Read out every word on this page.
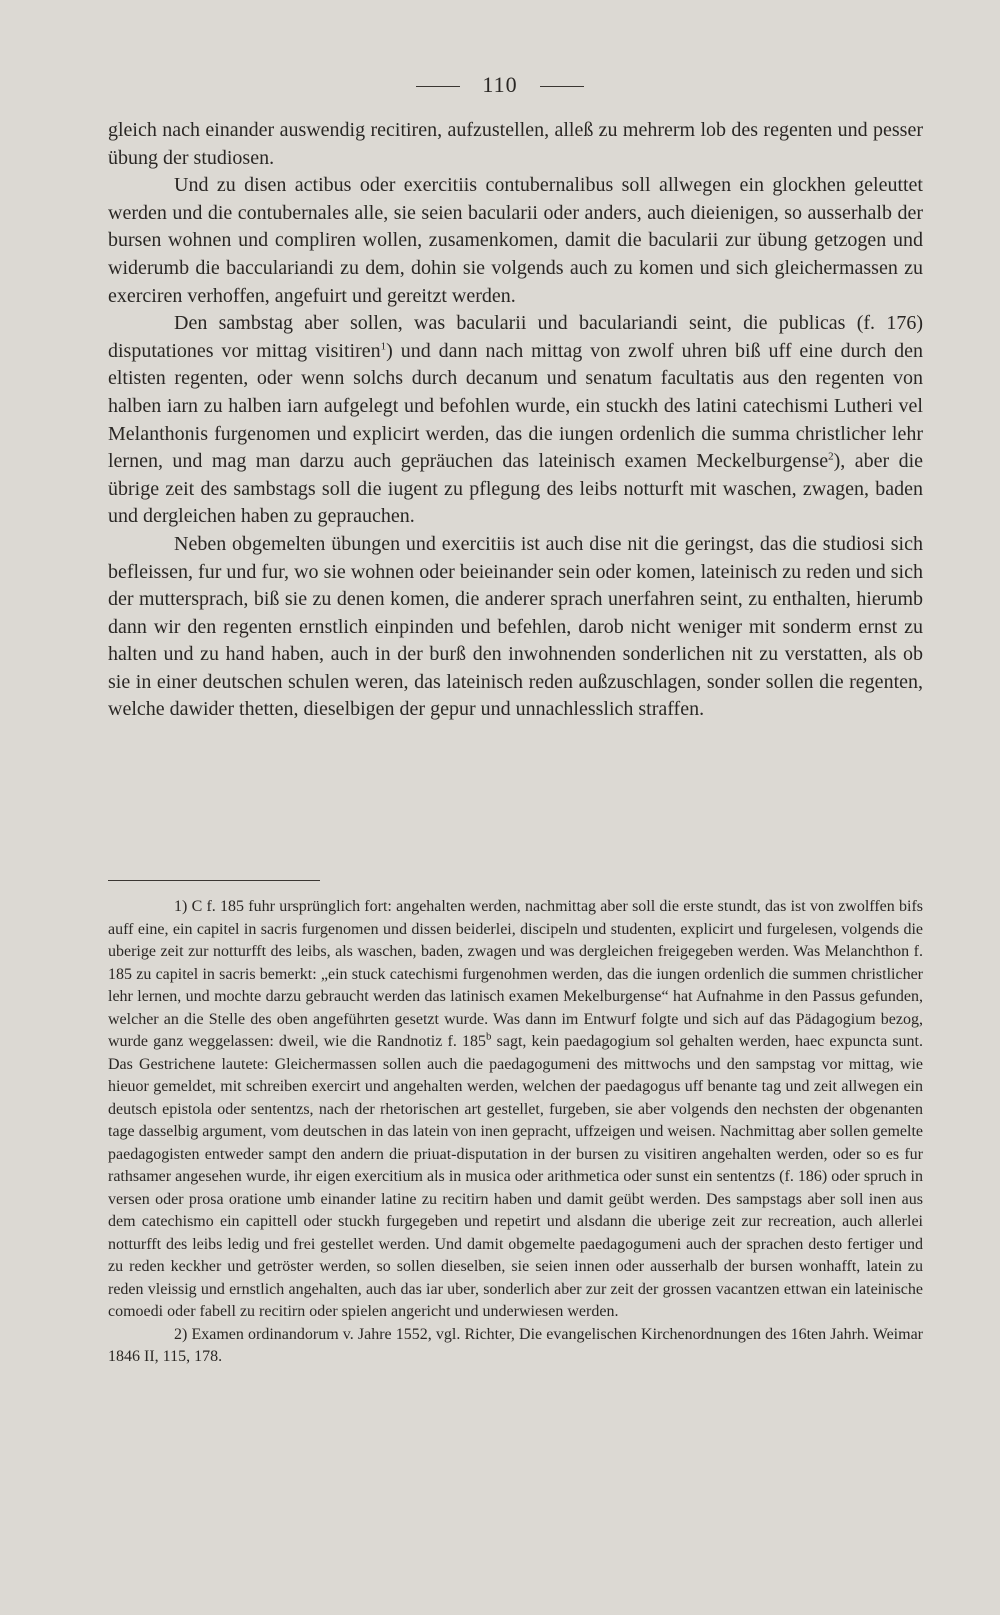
110

gleich nach einander auswendig recitiren, aufzustellen, alleß zu mehrerm lob des regenten und pesser übung der studiosen.

Und zu disen actibus oder exercitiis contubernalibus soll allwegen ein glockhen geleuttet werden und die contubernales alle, sie seien bacularii oder anders, auch dieienigen, so ausserhalb der bursen wohnen und compliren wollen, zusamenkomen, damit die bacularii zur übung getzogen und widerumb die bacculariandi zu dem, dohin sie volgends auch zu komen und sich gleichermassen zu exerciren verhoffen, angefuirt und gereitzt werden.

Den sambstag aber sollen, was bacularii und baculariandi seint, die publicas (f. 176) disputationes vor mittag visitiren$^1$) und dann nach mittag von zwolf uhren biß uff eine durch den eltisten regenten, oder wenn solchs durch decanum und senatum facultatis aus den regenten von halben iarn zu halben iarn aufgelegt und befohlen wurde, ein stuckh des latini catechismi Lutheri vel Melanthonis furgenomen und explicirt werden, das die iungen ordenlich die summa christlicher lehr lernen, und mag man darzu auch gepräuchen das lateinisch examen Meckelburgense$^2$), aber die übrige zeit des sambstags soll die iugent zu pflegung des leibs notturft mit waschen, zwagen, baden und dergleichen haben zu geprauchen.

Neben obgemelten übungen und exercitiis ist auch dise nit die geringst, das die studiosi sich befleissen, fur und fur, wo sie wohnen oder beieinander sein oder komen, lateinisch zu reden und sich der muttersprach, biß sie zu denen komen, die anderer sprach unerfahren seint, zu enthalten, hierumb dann wir den regenten ernstlich einpinden und befehlen, darob nicht weniger mit sonderm ernst zu halten und zu hand haben, auch in der burß den inwohnenden sonderlichen nit zu verstatten, als ob sie in einer deutschen schulen weren, das lateinisch reden außzuschlagen, sonder sollen die regenten, welche dawider thetten, dieselbigen der gepur und unnachlesslich straffen.

1) C f. 185 fuhr ursprünglich fort: angehalten werden, nachmittag aber soll die erste stundt, das ist von zwolffen bifs auff eine, ein capitel in sacris furgenomen und dissen beiderlei, discipeln und studenten, explicirt und furgelesen, volgends die uberige zeit zur notturfft des leibs, als waschen, baden, zwagen und was dergleichen freigegeben werden. Was Melanchthon f. 185 zu capitel in sacris bemerkt: „ein stuck catechismi furgenohmen werden, das die iungen ordenlich die summen christlicher lehr lernen, und mochte darzu gebraucht werden das latinisch examen Mekelburgense“ hat Aufnahme in den Passus gefunden, welcher an die Stelle des oben angeführten gesetzt wurde. Was dann im Entwurf folgte und sich auf das Pädagogium bezog, wurde ganz weggelassen: dweil, wie die Randnotiz f. 185$^b$ sagt, kein paedagogium sol gehalten werden, haec expuncta sunt. Das Gestrichene lautete: Gleichermassen sollen auch die paedagogumeni des mittwochs und den sampstag vor mittag, wie hieuor gemeldet, mit schreiben exercirt und angehalten werden, welchen der paedagogus uff benante tag und zeit allwegen ein deutsch epistola oder sententzs, nach der rhetorischen art gestellet, furgeben, sie aber volgends den nechsten der obgenanten tage dasselbig argument, vom deutschen in das latein von inen gepracht, uffzeigen und weisen. Nachmittag aber sollen gemelte paedagogisten entweder sampt den andern die priuat-disputation in der bursen zu visitiren angehalten werden, oder so es fur rathsamer angesehen wurde, ihr eigen exercitium als in musica oder arithmetica oder sunst ein sententzs (f. 186) oder spruch in versen oder prosa oratione umb einander latine zu recitirn haben und damit geübt werden. Des sampstags aber soll inen aus dem catechismo ein capittell oder stuckh furgegeben und repetirt und alsdann die uberige zeit zur recreation, auch allerlei notturfft des leibs ledig und frei gestellet werden. Und damit obgemelte paedagogumeni auch der sprachen desto fertiger und zu reden keckher und getröster werden, so sollen dieselben, sie seien innen oder ausserhalb der bursen wonhafft, latein zu reden vleissig und ernstlich angehalten, auch das iar uber, sonderlich aber zur zeit der grossen vacantzen ettwan ein lateinische comoedi oder fabell zu recitirn oder spielen angericht und underwiesen werden.

2) Examen ordinandorum v. Jahre 1552, vgl. Richter, Die evangelischen Kirchenordnungen des 16ten Jahrh. Weimar 1846 II, 115, 178.
